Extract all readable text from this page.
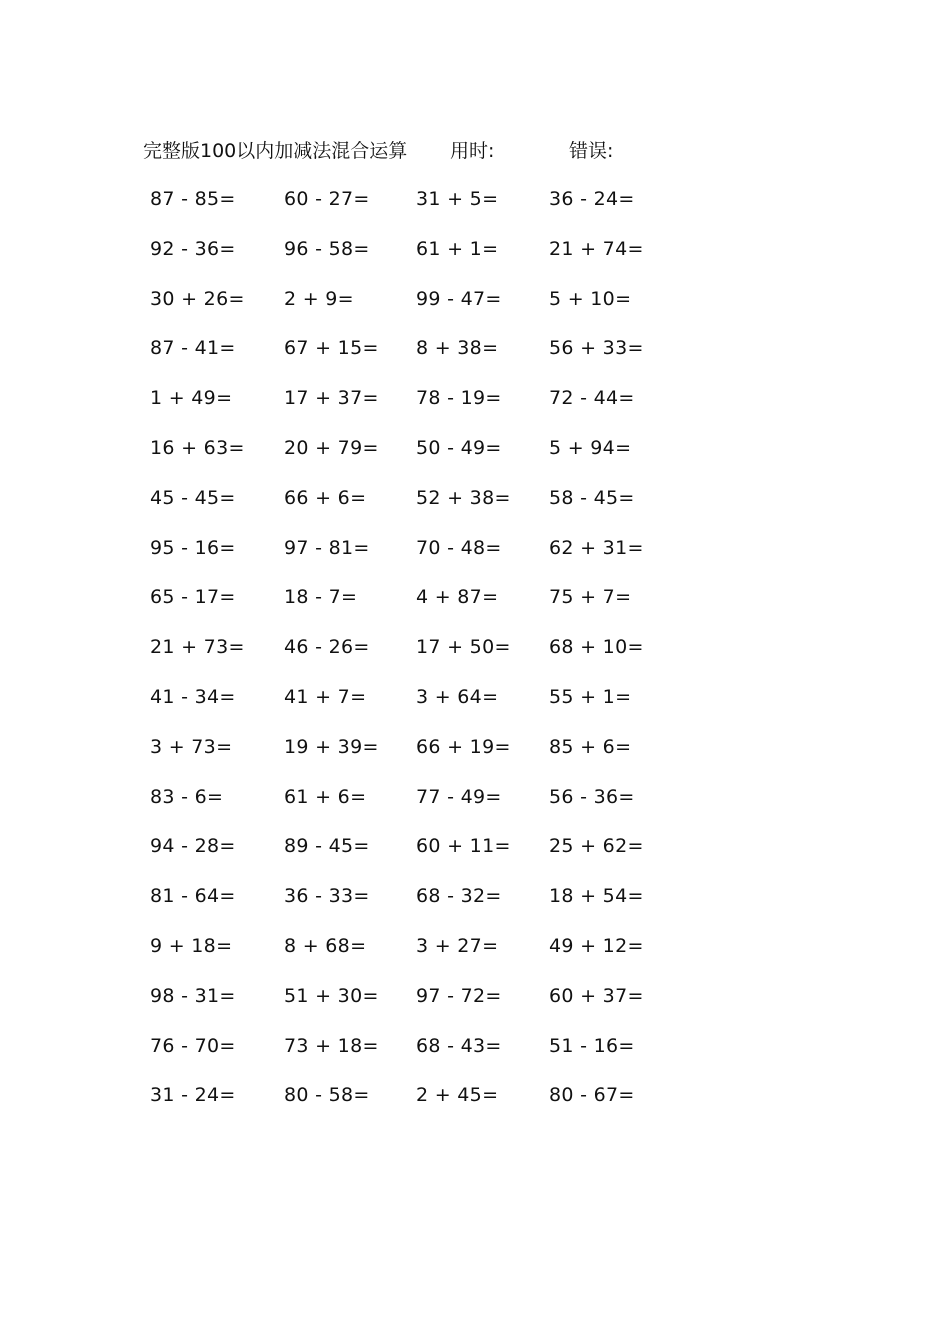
完整版100以内加减法混合运算 用时:	错误:
87 - 85=	60 - 27= 31 + 5=	36 - 24=
92 - 36=	96 - 58= 61 + 1=	21 + 74=
30 + 26= 2 + 9=	99 - 47= 5 + 10=
87 - 41=	67 + 15= 8 + 38=	56 + 33=
1 + 49=	17 + 37= 78 - 19= 72 - 44=
16 + 63= 20 + 79= 50 - 49= 5 + 94=
45 - 45=	66 + 6=	52 + 38= 58 - 45=
95 - 16=	97 - 81= 70 - 48= 62 + 31=
65 - 17=	18 - 7=	4 + 87=	75 + 7=
21 + 73= 46 - 26= 17 + 50= 68 + 10=
41 - 34=	41 + 7=	3 + 64=	55 + 1=
3 + 73=	19 + 39= 66 + 19= 85 + 6=
83 - 6=	61 + 6=	77 - 49= 56 - 36=
94 - 28=	89 - 45= 60 + 11= 25 + 62=
81 - 64=	36 - 33= 68 - 32= 18 + 54=
9 + 18=	8 + 68=	3 + 27=	49 + 12=
98 - 31=	51 + 30= 97 - 72= 60 + 37=
76 - 70=	73 + 18= 68 - 43= 51 - 16=
31 - 24=	80 - 58= 2 + 45=	80 - 67=
